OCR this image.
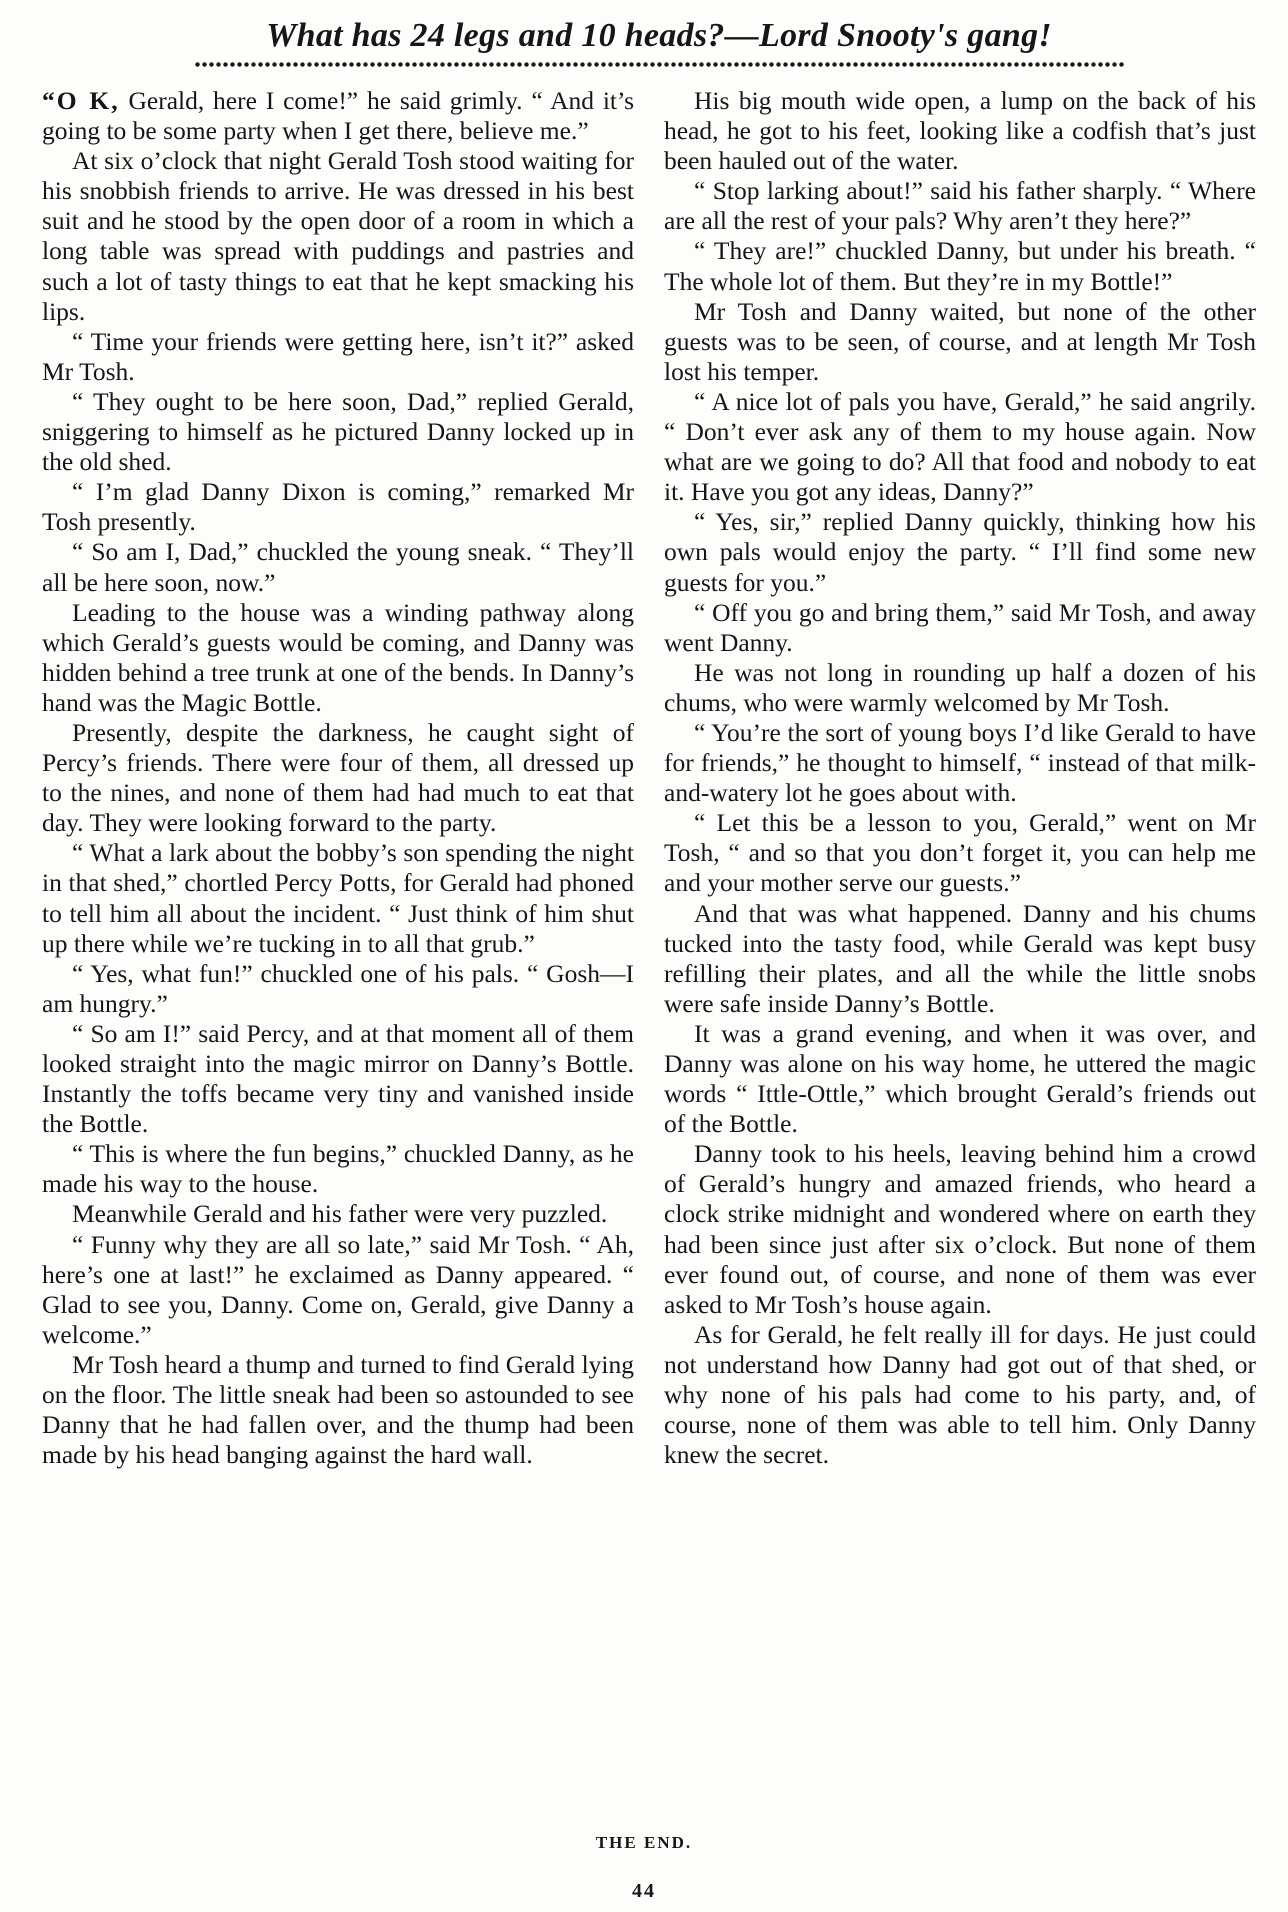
What has 24 legs and 10 heads?—Lord Snooty's gang!

“O K, Gerald, here I come!” he said grimly. “ And it’s going to be some party when I get there, believe me.”

At six o’clock that night Gerald Tosh stood waiting for his snobbish friends to arrive. He was dressed in his best suit and he stood by the open door of a room in which a long table was spread with puddings and pastries and such a lot of tasty things to eat that he kept smacking his lips.

“ Time your friends were getting here, isn’t it?” asked Mr Tosh.

“ They ought to be here soon, Dad,” replied Gerald, sniggering to himself as he pictured Danny locked up in the old shed.

“ I’m glad Danny Dixon is coming,” remarked Mr Tosh presently.

“ So am I, Dad,” chuckled the young sneak. “ They’ll all be here soon, now.”

Leading to the house was a winding pathway along which Gerald’s guests would be coming, and Danny was hidden behind a tree trunk at one of the bends. In Danny’s hand was the Magic Bottle.

Presently, despite the darkness, he caught sight of Percy’s friends. There were four of them, all dressed up to the nines, and none of them had had much to eat that day. They were looking forward to the party.

“ What a lark about the bobby’s son spending the night in that shed,” chortled Percy Potts, for Gerald had phoned to tell him all about the incident. “ Just think of him shut up there while we’re tucking in to all that grub.”

“ Yes, what fun!” chuckled one of his pals. “ Gosh—I am hungry.”

“ So am I!” said Percy, and at that moment all of them looked straight into the magic mirror on Danny’s Bottle. Instantly the toffs became very tiny and vanished inside the Bottle.

“ This is where the fun begins,” chuckled Danny, as he made his way to the house.

Meanwhile Gerald and his father were very puzzled.

“ Funny why they are all so late,” said Mr Tosh. “ Ah, here’s one at last!” he exclaimed as Danny appeared. “ Glad to see you, Danny. Come on, Gerald, give Danny a welcome.”

Mr Tosh heard a thump and turned to find Gerald lying on the floor. The little sneak had been so astounded to see Danny that he had fallen over, and the thump had been made by his head banging against the hard wall.

His big mouth wide open, a lump on the back of his head, he got to his feet, looking like a codfish that’s just been hauled out of the water.

“ Stop larking about!” said his father sharply. “ Where are all the rest of your pals? Why aren’t they here?”

“ They are!” chuckled Danny, but under his breath. “ The whole lot of them. But they’re in my Bottle!”

Mr Tosh and Danny waited, but none of the other guests was to be seen, of course, and at length Mr Tosh lost his temper.

“ A nice lot of pals you have, Gerald,” he said angrily. “ Don’t ever ask any of them to my house again. Now what are we going to do? All that food and nobody to eat it. Have you got any ideas, Danny?”

“ Yes, sir,” replied Danny quickly, thinking how his own pals would enjoy the party. “ I’ll find some new guests for you.”

“ Off you go and bring them,” said Mr Tosh, and away went Danny.

He was not long in rounding up half a dozen of his chums, who were warmly welcomed by Mr Tosh.

“ You’re the sort of young boys I’d like Gerald to have for friends,” he thought to himself, “ instead of that milk-and-watery lot he goes about with.

“ Let this be a lesson to you, Gerald,” went on Mr Tosh, “ and so that you don’t forget it, you can help me and your mother serve our guests.”

And that was what happened. Danny and his chums tucked into the tasty food, while Gerald was kept busy refilling their plates, and all the while the little snobs were safe inside Danny’s Bottle.

It was a grand evening, and when it was over, and Danny was alone on his way home, he uttered the magic words “ Ittle-Ottle,” which brought Gerald’s friends out of the Bottle.

Danny took to his heels, leaving behind him a crowd of Gerald’s hungry and amazed friends, who heard a clock strike midnight and wondered where on earth they had been since just after six o’clock. But none of them ever found out, of course, and none of them was ever asked to Mr Tosh’s house again.

As for Gerald, he felt really ill for days. He just could not understand how Danny had got out of that shed, or why none of his pals had come to his party, and, of course, none of them was able to tell him. Only Danny knew the secret.

THE END.
44
